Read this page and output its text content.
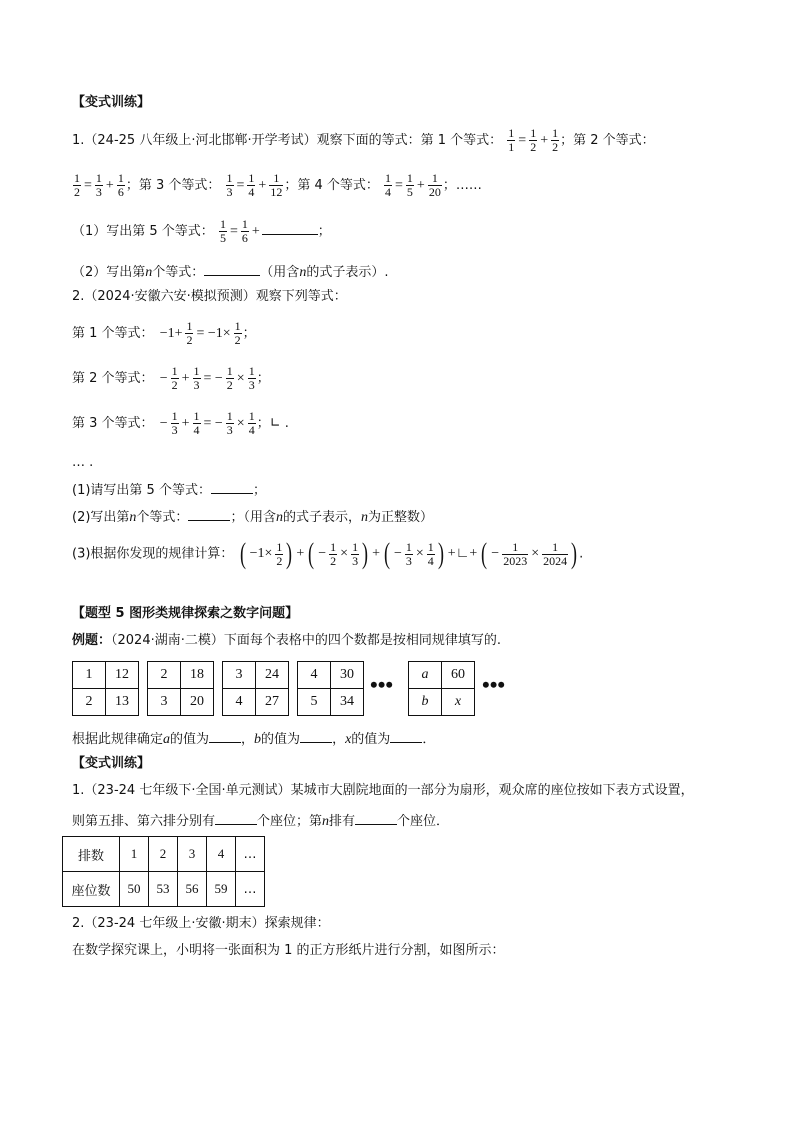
【变式训练】
1.（24-25 八年级上·河北邯郸·开学考试）观察下面的等式：第 1 个等式： $\frac{1}{1} = \frac{1}{2} + \frac{1}{2}$ ；第 2 个等式：
$\frac{1}{2} = \frac{1}{3} + \frac{1}{6}$ ；第 3 个等式： $\frac{1}{3} = \frac{1}{4} + \frac{1}{12}$ ；第 4 个等式： $\frac{1}{4} = \frac{1}{5} + \frac{1}{20}$ ；……
（1）写出第 5 个等式： $\frac{1}{5} = \frac{1}{6}$ +	；
（2）写出第n个等式：	（用含n的式子表示）.
2.（2024·安徽六安·模拟预测）观察下列等式：
第 1 个等式： $-1+ \frac{1}{2} = -1\times \frac{1}{2}$ ；
第 2 个等式： − $\frac{1}{2} + \frac{1}{3}$ = − $\frac{1}{2} \times \frac{1}{3}$ ；
第 3 个等式： − $\frac{1}{3} + \frac{1}{4}$ = − $\frac{1}{3} \times \frac{1}{4}$ ；∟ .
… .
(1)请写出第 5 个等式：	；
(2)写出第n个等式：	；（用含n的式子表示，n为正整数）
(3)根据你发现的规律计算： ( $-1\times \frac{1}{2}$ ) + ( − $\frac{1}{2} \times \frac{1}{3}$ ) + ( − $\frac{1}{3} \times \frac{1}{4}$ ) +∟+ ( − $\frac{1}{2023} \times \frac{1}{2024}$ ) .
【题型 5 图形类规律探索之数字问题】
例题：（2024·湖南·二模）下面每个表格中的四个数都是按相同规律填写的.
1	12
2	13
2	18
3	20
3	24
4	27
4	30
5	34
••• a	60
b	x
•••
根据此规律确定a的值为 ，b的值为 ，x的值为 ．
【变式训练】
1.（23-24 七年级下·全国·单元测试）某城市大剧院地面的一部分为扇形，观众席的座位按如下表方式设置，
则第五排、第六排分别有	个座位；第n排有	个座位．
排数	1	2	3	4	…
座位数	50	53	56	59	…
2.（23-24 七年级上·安徽·期末）探索规律：
在数学探究课上，小明将一张面积为 1 的正方形纸片进行分割，如图所示：
